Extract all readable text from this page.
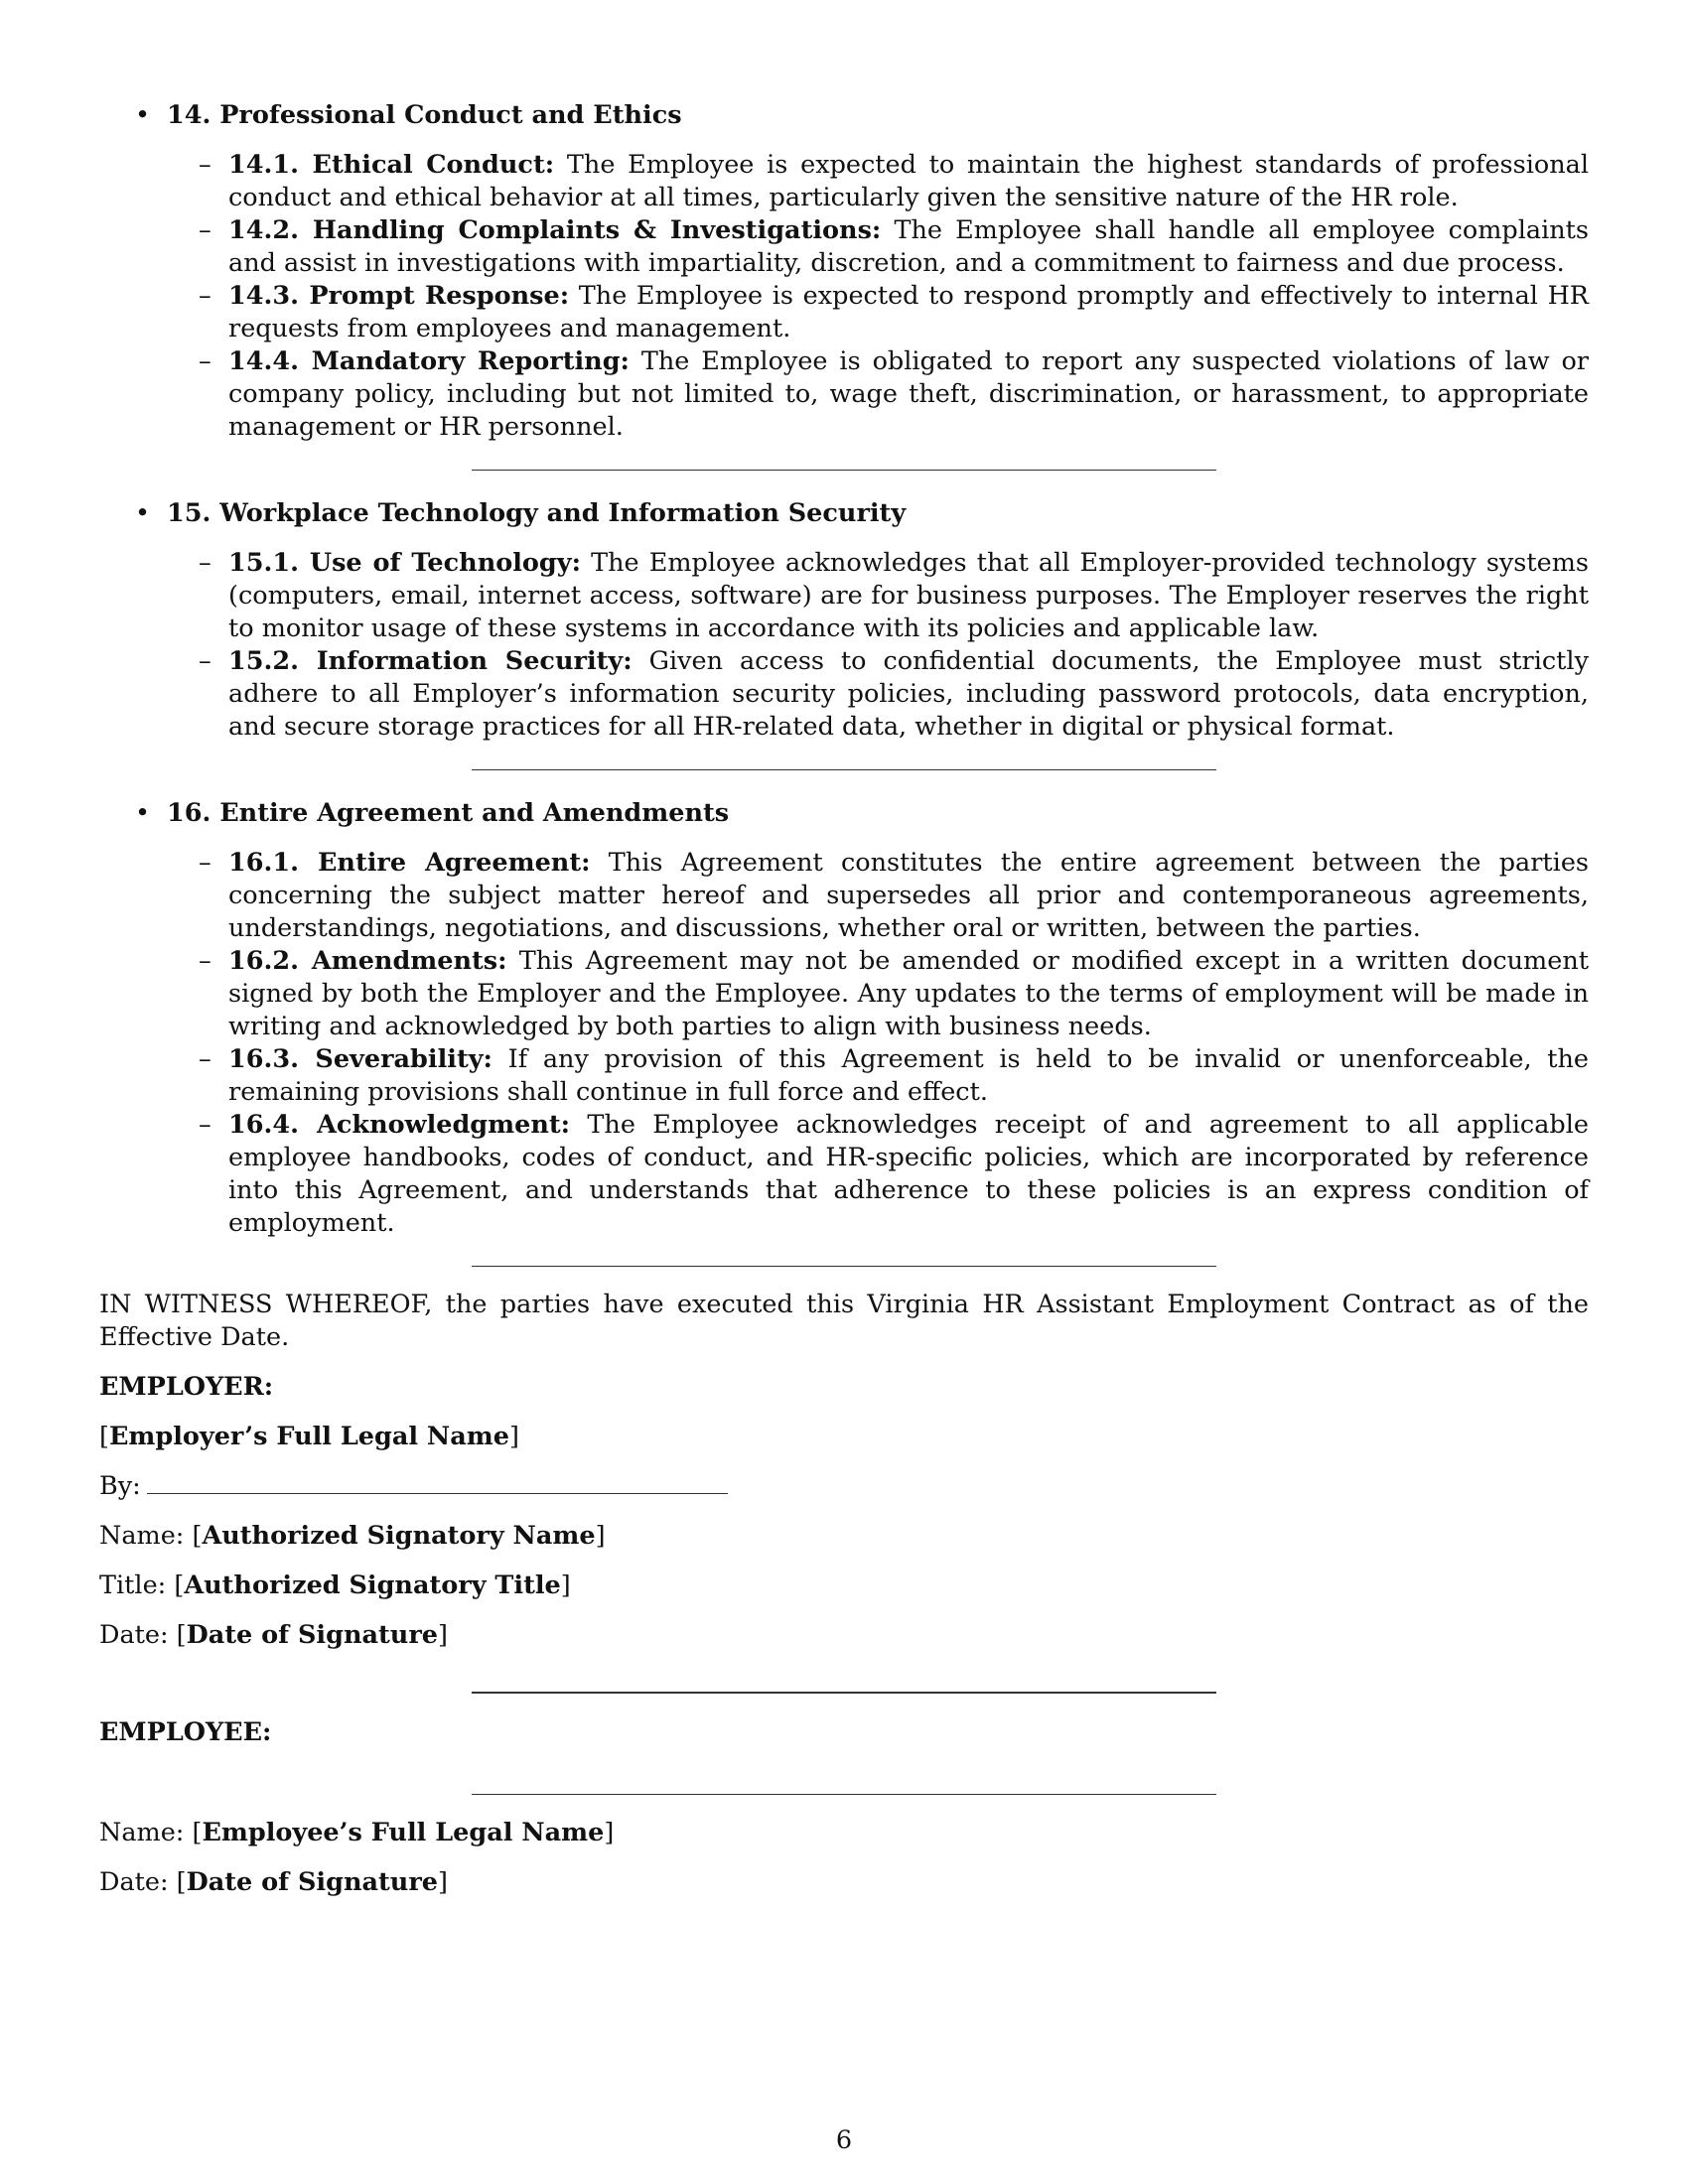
• 14. Professional Conduct and Ethics

– 14.1. Ethical Conduct: The Employee is expected to maintain the highest standards of professional conduct and ethical behavior at all times, particularly given the sensitive nature of the HR role.
– 14.2. Handling Complaints & Investigations: The Employee shall handle all employee complaints and assist in investigations with impartiality, discretion, and a commitment to fairness and due process.
– 14.3. Prompt Response: The Employee is expected to respond promptly and effectively to internal HR requests from employees and management.
– 14.4. Mandatory Reporting: The Employee is obligated to report any suspected violations of law or company policy, including but not limited to, wage theft, discrimination, or harassment, to appropriate management or HR personnel.
• 15. Workplace Technology and Information Security

– 15.1. Use of Technology: The Employee acknowledges that all Employer-provided technology systems (computers, email, internet access, software) are for business purposes. The Employer reserves the right to monitor usage of these systems in accordance with its policies and applicable law.
– 15.2. Information Security: Given access to confidential documents, the Employee must strictly adhere to all Employer’s information security policies, including password protocols, data encryption, and secure storage practices for all HR-related data, whether in digital or physical format.
• 16. Entire Agreement and Amendments

– 16.1. Entire Agreement: This Agreement constitutes the entire agreement between the parties concerning the subject matter hereof and supersedes all prior and contemporaneous agreements, understandings, negotiations, and discussions, whether oral or written, between the parties.
– 16.2. Amendments: This Agreement may not be amended or modified except in a written document signed by both the Employer and the Employee. Any updates to the terms of employment will be made in writing and acknowledged by both parties to align with business needs.
– 16.3. Severability: If any provision of this Agreement is held to be invalid or unenforceable, the remaining provisions shall continue in full force and effect.
– 16.4. Acknowledgment: The Employee acknowledges receipt of and agreement to all applicable employee handbooks, codes of conduct, and HR-specific policies, which are incorporated by reference into this Agreement, and understands that adherence to these policies is an express condition of employment.

IN WITNESS WHEREOF, the parties have executed this Virginia HR Assistant Employment Contract as of the Effective Date.

EMPLOYER:

[Employer’s Full Legal Name]

By:

Name: [Authorized Signatory Name]

Title: [Authorized Signatory Title]

Date: [Date of Signature]

EMPLOYEE:

Name: [Employee’s Full Legal Name]

Date: [Date of Signature]

6
